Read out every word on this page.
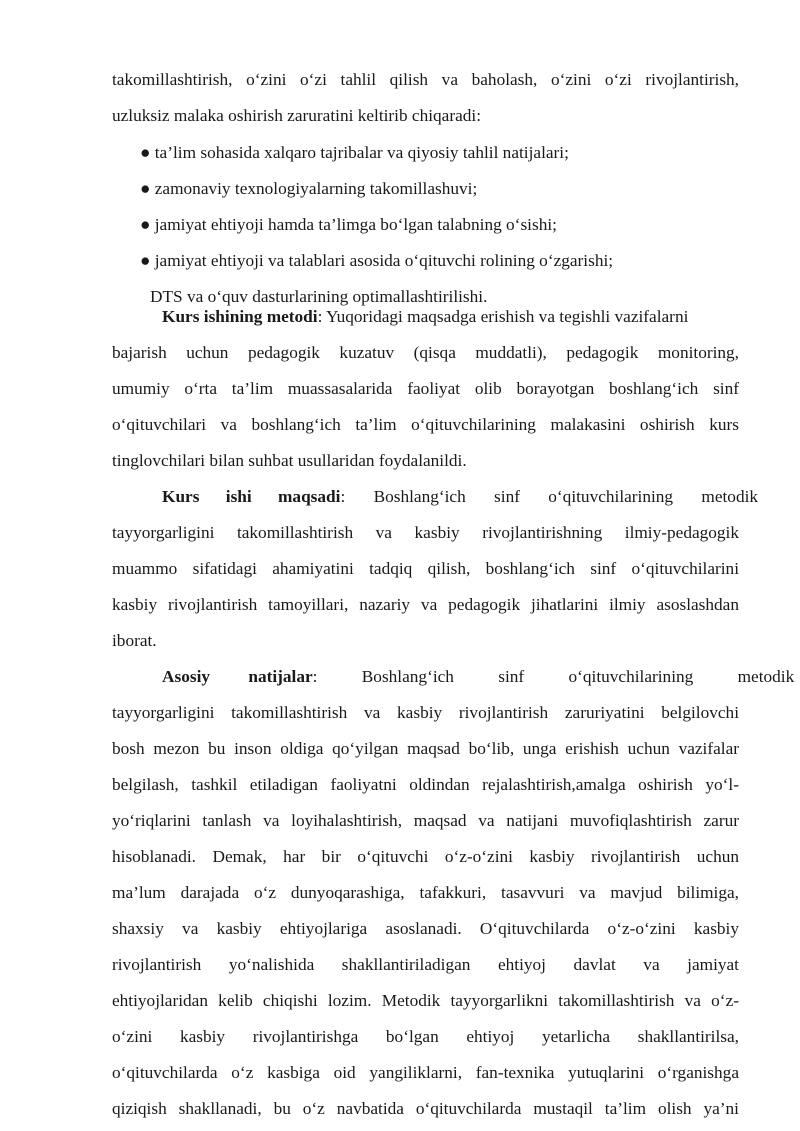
takomillashtirish, o‘zini o‘zi tahlil qilish va baholash, o‘zini o‘zi rivojlantirish,
uzluksiz malaka oshirish zaruratini keltirib chiqaradi:
● ta’lim sohasida xalqaro tajribalar va qiyosiy tahlil natijalari;
● zamonaviy texnologiyalarning takomillashuvi;
● jamiyat ehtiyoji hamda ta’limga bo‘lgan talabning o‘sishi;
● jamiyat ehtiyoji va talablari asosida o‘qituvchi rolining o‘zgarishi;
DTS va o‘quv dasturlarining optimallashtirilishi.
Kurs ishining metodi: Yuqoridagi maqsadga erishish va tegishli vazifalarni
bajarish uchun pedagogik kuzatuv (qisqa muddatli), pedagogik monitoring,
umumiy o‘rta ta’lim muassasalarida faoliyat olib borayotgan boshlang‘ich sinf
o‘qituvchilari va boshlang‘ich ta’lim o‘qituvchilarining malakasini oshirish kurs
tinglovchilari bilan suhbat usullaridan foydalanildi.
Kurs ishi maqsadi : Boshlang‘ich sinf o‘qituvchilarining metodik
tayyorgarligini takomillashtirish va kasbiy rivojlantirishning ilmiy-pedagogik
muammo sifatidagi ahamiyatini tadqiq qilish, boshlang‘ich sinf o‘qituvchilarini
kasbiy rivojlantirish tamoyillari, nazariy va pedagogik jihatlarini ilmiy asoslashdan
iborat.
Asosiy natijalar : Boshlang‘ich sinf o‘qituvchilarining metodik
tayyorgarligini takomillashtirish va kasbiy rivojlantirish zaruriyatini belgilovchi
bosh mezon bu inson oldiga qo‘yilgan maqsad bo‘lib, unga erishish uchun vazifalar
belgilash, tashkil etiladigan faoliyatni oldindan rejalashtirish,amalga oshirish yo‘l-
yo‘riqlarini tanlash va loyihalashtirish, maqsad va natijani muvofiqlashtirish zarur
hisoblanadi. Demak, har bir o‘qituvchi o‘z-o‘zini kasbiy rivojlantirish uchun
ma’lum darajada o‘z dunyoqarashiga, tafakkuri, tasavvuri va mavjud bilimiga,
shaxsiy va kasbiy ehtiyojlariga asoslanadi. O‘qituvchilarda o‘z-o‘zini kasbiy
rivojlantirish yo‘nalishida shakllantiriladigan ehtiyoj davlat va jamiyat
ehtiyojlaridan kelib chiqishi lozim. Metodik tayyorgarlikni takomillashtirish va o‘z-
o‘zini kasbiy rivojlantirishga bo‘lgan ehtiyoj yetarlicha shakllantirilsa,
o‘qituvchilarda o‘z kasbiga oid yangiliklarni, fan-texnika yutuqlarini o‘rganishga
qiziqish shakllanadi, bu o‘z navbatida o‘qituvchilarda mustaqil ta’lim olish ya’ni
